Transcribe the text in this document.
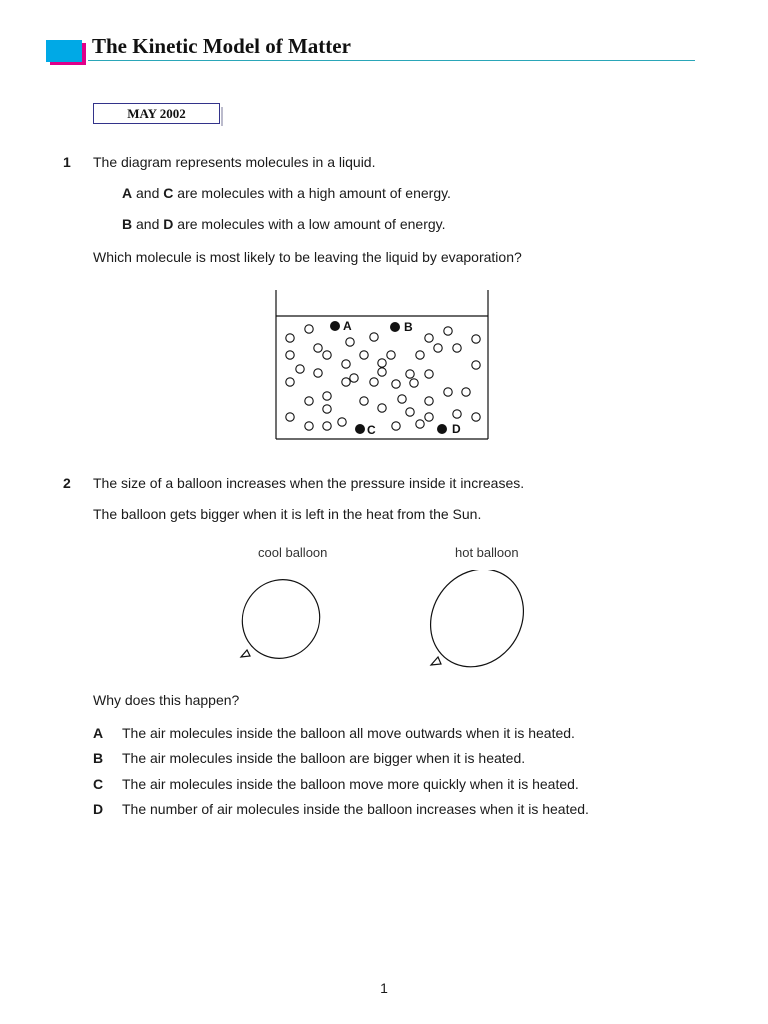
The Kinetic Model of Matter
MAY 2002
1 The diagram represents molecules in a liquid.
A and C are molecules with a high amount of energy.
B and D are molecules with a low amount of energy.
Which molecule is most likely to be leaving the liquid by evaporation?
A	B
C	D
2 The size of a balloon increases when the pressure inside it increases.
The balloon gets bigger when it is left in the heat from the Sun.
cool balloon	hot balloon
Why does this happen?
A The air molecules inside the balloon all move outwards when it is heated.
B The air molecules inside the balloon are bigger when it is heated.
C The air molecules inside the balloon move more quickly when it is heated.
D The number of air molecules inside the balloon increases when it is heated.
1
